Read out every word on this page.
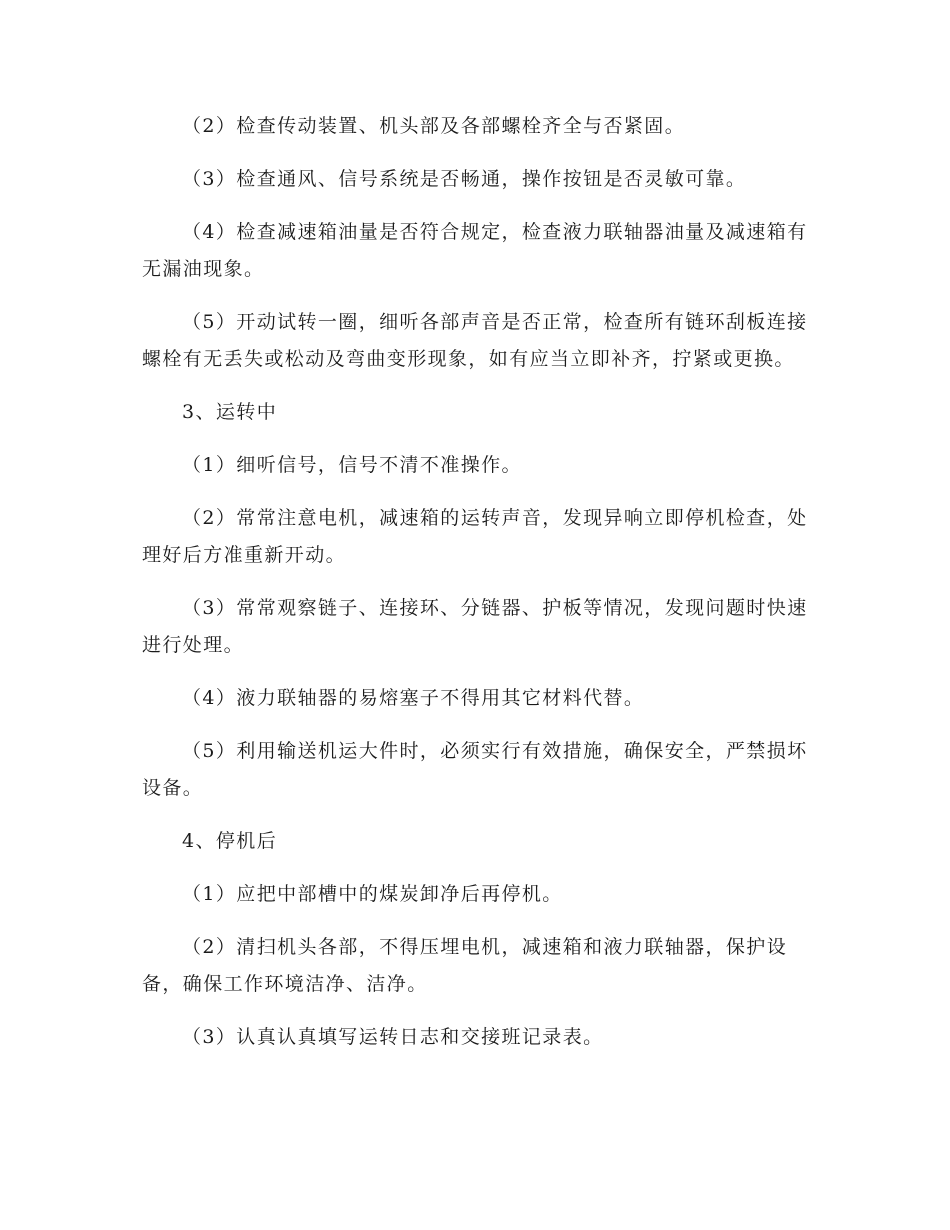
（2）检查传动装置、机头部及各部螺栓齐全与否紧固。

（3）检查通风、信号系统是否畅通，操作按钮是否灵敏可靠。

（4）检查减速箱油量是否符合规定，检查液力联轴器油量及减速箱有无漏油现象。

（5）开动试转一圈，细听各部声音是否正常，检查所有链环刮板连接螺栓有无丢失或松动及弯曲变形现象，如有应当立即补齐，拧紧或更换。

3、运转中

（1）细听信号，信号不清不准操作。

（2）常常注意电机，减速箱的运转声音，发现异响立即停机检查，处理好后方准重新开动。

（3）常常观察链子、连接环、分链器、护板等情况，发现问题时快速进行处理。

（4）液力联轴器的易熔塞子不得用其它材料代替。

（5）利用输送机运大件时，必须实行有效措施，确保安全，严禁损坏设备。

4、停机后

（1）应把中部槽中的煤炭卸净后再停机。

（2）清扫机头各部，不得压埋电机，减速箱和液力联轴器，保护设备，确保工作环境洁净、洁净。

（3）认真认真填写运转日志和交接班记录表。
